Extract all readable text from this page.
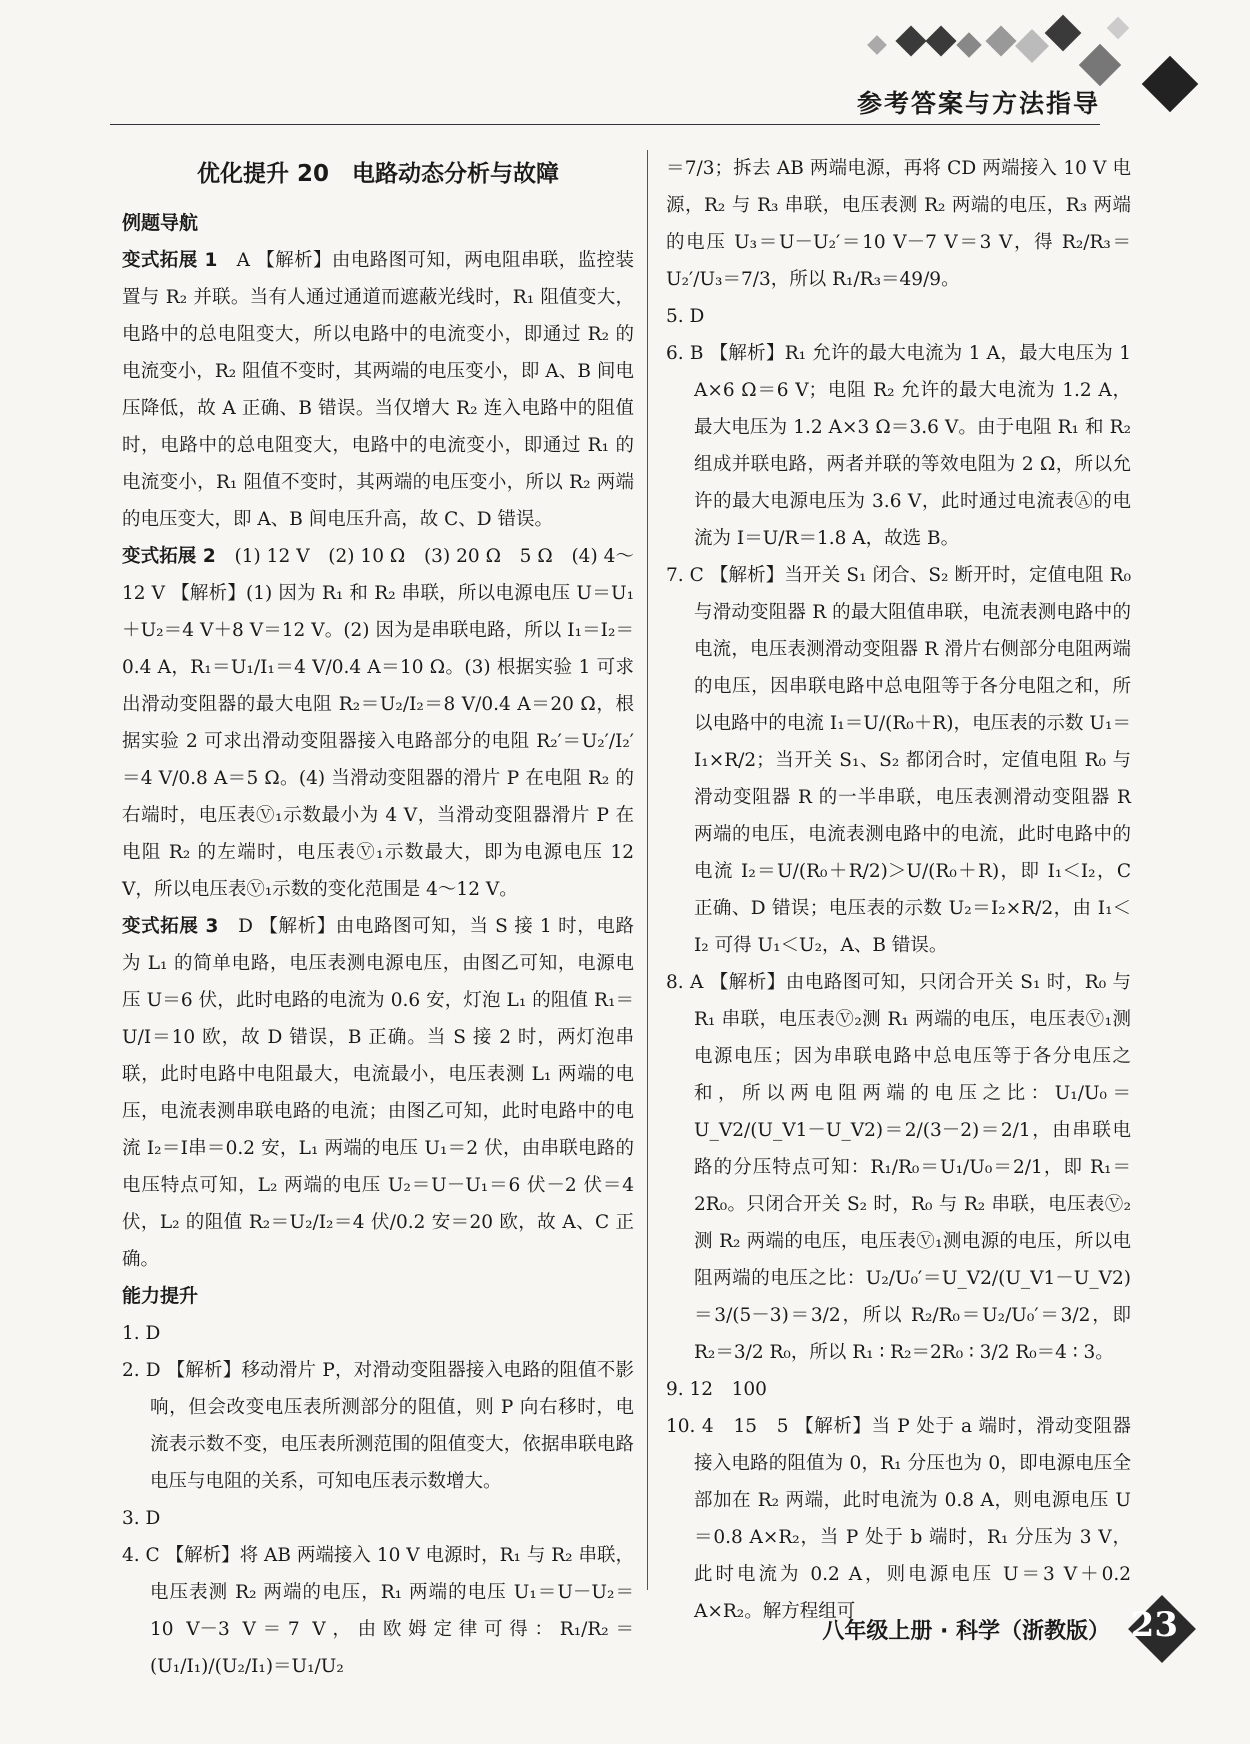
参考答案与方法指导
优化提升 20　电路动态分析与故障
例题导航

变式拓展 1　 A 【解析】由电路图可知，两电阻串联，监控装置与 R₂ 并联。当有人通过通道而遮蔽光线时，R₁ 阻值变大，电路中的总电阻变大，所以电路中的电流变小，即通过 R₂ 的电流变小，R₂ 阻值不变时，其两端的电压变小，即 A、B 间电压降低，故 A 正确、B 错误。当仅增大 R₂ 连入电路中的阻值时，电路中的总电阻变大，电路中的电流变小，即通过 R₁ 的电流变小，R₁ 阻值不变时，其两端的电压变小，所以 R₂ 两端的电压变大，即 A、B 间电压升高，故 C、D 错误。

变式拓展 2　 (1) 12 V　(2) 10 Ω　(3) 20 Ω　5 Ω　(4) 4～12 V 【解析】(1) 因为 R₁ 和 R₂ 串联，所以电源电压 U＝U₁＋U₂＝4 V＋8 V＝12 V。(2) 因为是串联电路，所以 I₁＝I₂＝0.4 A，R₁＝U₁/I₁＝4 V/0.4 A＝10 Ω。(3) 根据实验 1 可求出滑动变阻器的最大电阻 R₂＝U₂/I₂＝8 V/0.4 A＝20 Ω，根据实验 2 可求出滑动变阻器接入电路部分的电阻 R₂′＝U₂′/I₂′＝4 V/0.8 A＝5 Ω。(4) 当滑动变阻器的滑片 P 在电阻 R₂ 的右端时，电压表Ⓥ₁示数最小为 4 V，当滑动变阻器滑片 P 在电阻 R₂ 的左端时，电压表Ⓥ₁示数最大，即为电源电压 12 V，所以电压表Ⓥ₁示数的变化范围是 4～12 V。

变式拓展 3　 D 【解析】由电路图可知，当 S 接 1 时，电路为 L₁ 的简单电路，电压表测电源电压，由图乙可知，电源电压 U＝6 伏，此时电路的电流为 0.6 安，灯泡 L₁ 的阻值 R₁＝U/I＝10 欧，故 D 错误，B 正确。当 S 接 2 时，两灯泡串联，此时电路中电阻最大，电流最小，电压表测 L₁ 两端的电压，电流表测串联电路的电流；由图乙可知，此时电路中的电流 I₂＝I串＝0.2 安，L₁ 两端的电压 U₁＝2 伏，由串联电路的电压特点可知，L₂ 两端的电压 U₂＝U－U₁＝6 伏－2 伏＝4 伏，L₂ 的阻值 R₂＝U₂/I₂＝4 伏/0.2 安＝20 欧，故 A、C 正确。

能力提升

1. D

2. D 【解析】移动滑片 P，对滑动变阻器接入电路的阻值不影响，但会改变电压表所测部分的阻值，则 P 向右移时，电流表示数不变，电压表所测范围的阻值变大，依据串联电路电压与电阻的关系，可知电压表示数增大。

3. D

4. C 【解析】将 AB 两端接入 10 V 电源时，R₁ 与 R₂ 串联，电压表测 R₂ 两端的电压，R₁ 两端的电压 U₁＝U－U₂＝10 V－3 V＝7 V，由欧姆定律可得：R₁/R₂＝(U₁/I₁)/(U₂/I₁)＝U₁/U₂

＝7/3；拆去 AB 两端电源，再将 CD 两端接入 10 V 电源，R₂ 与 R₃ 串联，电压表测 R₂ 两端的电压，R₃ 两端的电压 U₃＝U－U₂′＝10 V－7 V＝3 V，得 R₂/R₃＝U₂′/U₃＝7/3，所以 R₁/R₃＝49/9。

5. D

6. B 【解析】R₁ 允许的最大电流为 1 A，最大电压为 1 A×6 Ω＝6 V；电阻 R₂ 允许的最大电流为 1.2 A，最大电压为 1.2 A×3 Ω＝3.6 V。由于电阻 R₁ 和 R₂ 组成并联电路，两者并联的等效电阻为 2 Ω，所以允许的最大电源电压为 3.6 V，此时通过电流表Ⓐ的电流为 I＝U/R＝1.8 A，故选 B。

7. C 【解析】当开关 S₁ 闭合、S₂ 断开时，定值电阻 R₀ 与滑动变阻器 R 的最大阻值串联，电流表测电路中的电流，电压表测滑动变阻器 R 滑片右侧部分电阻两端的电压，因串联电路中总电阻等于各分电阻之和，所以电路中的电流 I₁＝U/(R₀＋R)，电压表的示数 U₁＝I₁×R/2；当开关 S₁、S₂ 都闭合时，定值电阻 R₀ 与滑动变阻器 R 的一半串联，电压表测滑动变阻器 R 两端的电压，电流表测电路中的电流，此时电路中的电流 I₂＝U/(R₀＋R/2)＞U/(R₀＋R)，即 I₁＜I₂，C 正确、D 错误；电压表的示数 U₂＝I₂×R/2，由 I₁＜I₂ 可得 U₁＜U₂，A、B 错误。

8. A 【解析】由电路图可知，只闭合开关 S₁ 时，R₀ 与 R₁ 串联，电压表Ⓥ₂测 R₁ 两端的电压，电压表Ⓥ₁测电源电压；因为串联电路中总电压等于各分电压之和，所以两电阻两端的电压之比：U₁/U₀＝U_V2/(U_V1－U_V2)＝2/(3－2)＝2/1，由串联电路的分压特点可知：R₁/R₀＝U₁/U₀＝2/1，即 R₁＝2R₀。只闭合开关 S₂ 时，R₀ 与 R₂ 串联，电压表Ⓥ₂测 R₂ 两端的电压，电压表Ⓥ₁测电源的电压，所以电阻两端的电压之比：U₂/U₀′＝U_V2/(U_V1－U_V2)＝3/(5－3)＝3/2，所以 R₂/R₀＝U₂/U₀′＝3/2，即 R₂＝3/2 R₀，所以 R₁ ∶ R₂＝2R₀ ∶ 3/2 R₀＝4 ∶ 3。

9. 12　100

10. 4　15　5 【解析】当 P 处于 a 端时，滑动变阻器接入电路的阻值为 0，R₁ 分压也为 0，即电源电压全部加在 R₂ 两端，此时电流为 0.8 A，则电源电压 U＝0.8 A×R₂，当 P 处于 b 端时，R₁ 分压为 3 V，此时电流为 0.2 A，则电源电压 U＝3 V＋0.2 A×R₂。解方程组可

八年级上册 · 科学（浙教版） 23
